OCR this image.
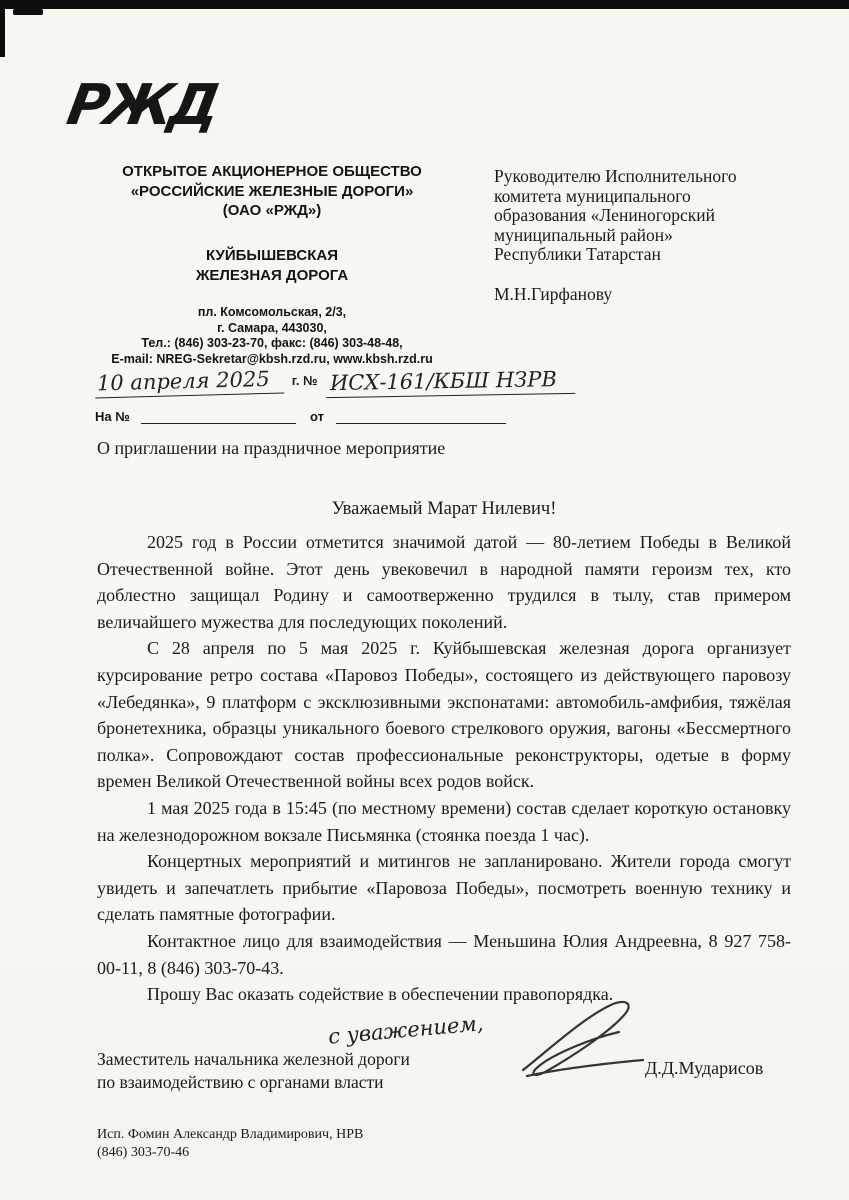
РЖД
ОТКРЫТОЕ АКЦИОНЕРНОЕ ОБЩЕСТВО
«РОССИЙСКИЕ ЖЕЛЕЗНЫЕ ДОРОГИ»
(ОАО «РЖД»)
КУЙБЫШЕВСКАЯ
ЖЕЛЕЗНАЯ ДОРОГА
пл. Комсомольская, 2/3,
г. Самара, 443030,
Тел.: (846) 303-23-70, факс: (846) 303-48-48,
E-mail: NREG-Sekretar@kbsh.rzd.ru, www.kbsh.rzd.ru
10 апреля 2025 г. № ИСХ-161/КБШ НЗРВ
На №	от
Руководителю Исполнительного
комитета муниципального
образования «Лениногорский
муниципальный район»
Республики Татарстан
М.Н.Гирфанову
О приглашении на праздничное мероприятие
Уважаемый Марат Нилевич!

2025 год в России отметится значимой датой — 80-летием Победы в Великой Отечественной войне. Этот день увековечил в народной памяти героизм тех, кто доблестно защищал Родину и самоотверженно трудился в тылу, став примером величайшего мужества для последующих поколений.

С 28 апреля по 5 мая 2025 г. Куйбышевская железная дорога организует курсирование ретро состава «Паровоз Победы», состоящего из действующего паровозу «Лебедянка», 9 платформ с эксклюзивными экспонатами: автомобиль-амфибия, тяжёлая бронетехника, образцы уникального боевого стрелкового оружия, вагоны «Бессмертного полка». Сопровождают состав профессиональные реконструкторы, одетые в форму времен Великой Отечественной войны всех родов войск.

1 мая 2025 года в 15:45 (по местному времени) состав сделает короткую остановку на железнодорожном вокзале Письмянка (стоянка поезда 1 час).

Концертных мероприятий и митингов не запланировано. Жители города смогут увидеть и запечатлеть прибытие «Паровоза Победы», посмотреть военную технику и сделать памятные фотографии.

Контактное лицо для взаимодействия — Меньшина Юлия Андреевна, 8 927 758-00-11, 8 (846) 303-70-43.

Прошу Вас оказать содействие в обеспечении правопорядка.

с уважением,
Заместитель начальника железной дороги
по взаимодействию с органами власти
Д.Д.Мударисов
Исп. Фомин Александр Владимирович, НРВ
(846) 303-70-46
